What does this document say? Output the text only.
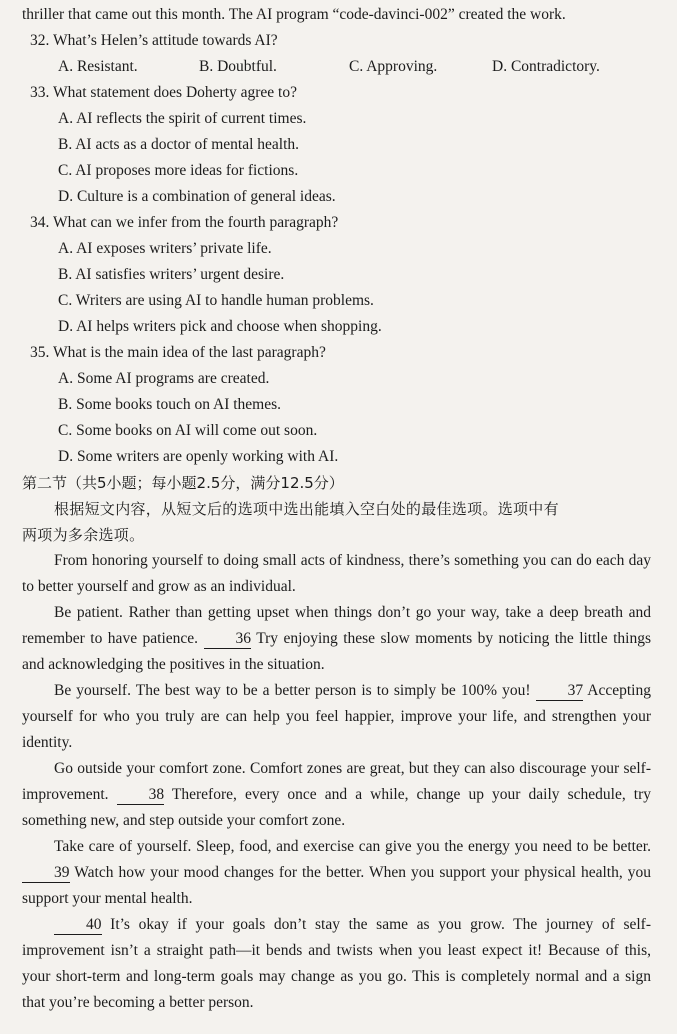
thriller that came out this month. The AI program “code-davinci-002” created the work.
32. What’s Helen’s attitude towards AI?
A. Resistant.	B. Doubtful.	C. Approving.	D. Contradictory.
33. What statement does Doherty agree to?
A. AI reflects the spirit of current times.
B. AI acts as a doctor of mental health.
C. AI proposes more ideas for fictions.
D. Culture is a combination of general ideas.
34. What can we infer from the fourth paragraph?
A. AI exposes writers’ private life.
B. AI satisfies writers’ urgent desire.
C. Writers are using AI to handle human problems.
D. AI helps writers pick and choose when shopping.
35. What is the main idea of the last paragraph?
A. Some AI programs are created.
B. Some books touch on AI themes.
C. Some books on AI will come out soon.
D. Some writers are openly working with AI.
第二节（共5小题；每小题2.5分，满分12.5分）
根据短文内容，从短文后的选项中选出能填入空白处的最佳选项。选项中有
两项为多余选项。
From honoring yourself to doing small acts of kindness, there’s something you can do each day to better yourself and grow as an individual.
Be patient. Rather than getting upset when things don’t go your way, take a deep breath and remember to have patience. 36 Try enjoying these slow moments by noticing the little things and acknowledging the positives in the situation.
Be yourself. The best way to be a better person is to simply be 100% you! 37 Accepting yourself for who you truly are can help you feel happier, improve your life, and strengthen your identity.
Go outside your comfort zone. Comfort zones are great, but they can also discourage your self-improvement.	38 Therefore, every once and a while, change up your daily schedule, try something new, and step outside your comfort zone.
Take care of yourself. Sleep, food, and exercise can give you the energy you need to be better. 39 Watch how your mood changes for the better. When you support your physical health, you support your mental health.
40 It’s okay if your goals don’t stay the same as you grow. The journey of self-improvement isn’t a straight path—it bends and twists when you least expect it! Because of this, your short-term and long-term goals may change as you go. This is completely normal and a sign that you’re becoming a better person.
